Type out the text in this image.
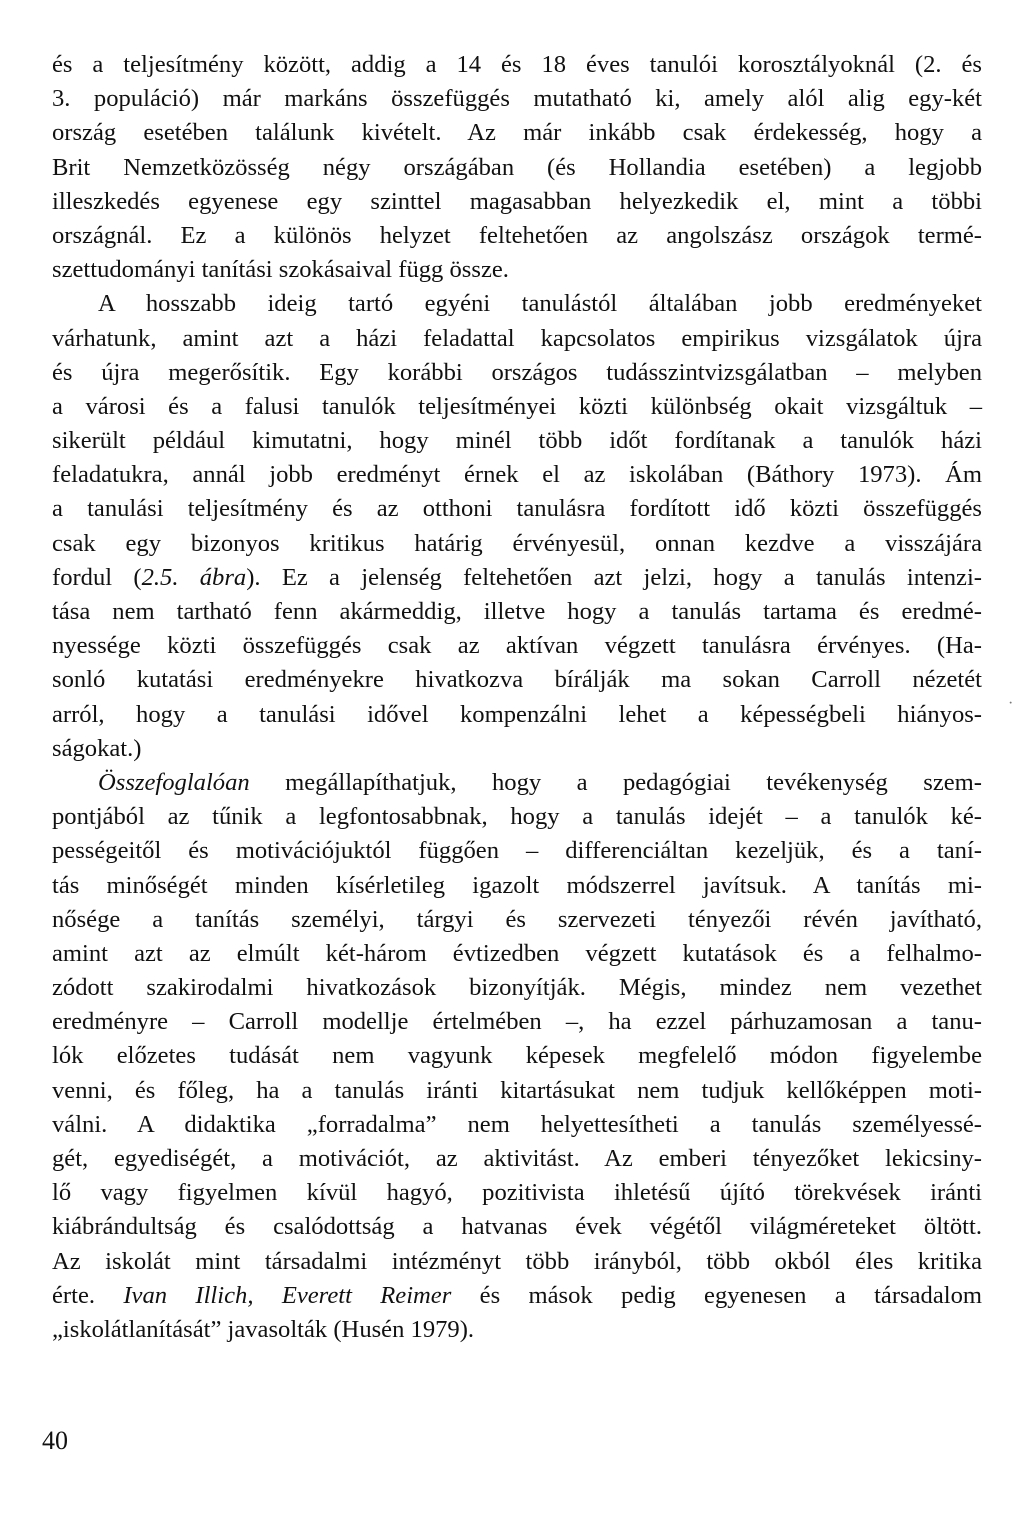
és a teljesítmény között, addig a 14 és 18 éves tanulói korosztályoknál (2. és
3. populáció) már markáns összefüggés mutatható ki, amely alól alig egy-két
ország esetében találunk kivételt. Az már inkább csak érdekesség, hogy a
Brit Nemzetközösség négy országában (és Hollandia esetében) a legjobb
illeszkedés egyenese egy szinttel magasabban helyezkedik el, mint a többi
országnál. Ez a különös helyzet feltehetően az angolszász országok termé-
szettudományi tanítási szokásaival függ össze.
A hosszabb ideig tartó egyéni tanulástól általában jobb eredményeket
várhatunk, amint azt a házi feladattal kapcsolatos empirikus vizsgálatok újra
és újra megerősítik. Egy korábbi országos tudásszintvizsgálatban – melyben
a városi és a falusi tanulók teljesítményei közti különbség okait vizsgáltuk –
sikerült például kimutatni, hogy minél több időt fordítanak a tanulók házi
feladatukra, annál jobb eredményt érnek el az iskolában (Báthory 1973). Ám
a tanulási teljesítmény és az otthoni tanulásra fordított idő közti összefüggés
csak egy bizonyos kritikus határig érvényesül, onnan kezdve a visszájára
fordul (2.5. ábra). Ez a jelenség feltehetően azt jelzi, hogy a tanulás intenzi-
tása nem tartható fenn akármeddig, illetve hogy a tanulás tartama és eredmé-
nyessége közti összefüggés csak az aktívan végzett tanulásra érvényes. (Ha-
sonló kutatási eredményekre hivatkozva bírálják ma sokan Carroll nézetét
arról, hogy a tanulási idővel kompenzálni lehet a képességbeli hiányos-
ságokat.)
Összefoglalóan megállapíthatjuk, hogy a pedagógiai tevékenység szem-
pontjából az tűnik a legfontosabbnak, hogy a tanulás idejét – a tanulók ké-
pességeitől és motivációjuktól függően – differenciáltan kezeljük, és a taní-
tás minőségét minden kísérletileg igazolt módszerrel javítsuk. A tanítás mi-
nősége a tanítás személyi, tárgyi és szervezeti tényezői révén javítható,
amint azt az elmúlt két-három évtizedben végzett kutatások és a felhalmo-
zódott szakirodalmi hivatkozások bizonyítják. Mégis, mindez nem vezethet
eredményre – Carroll modellje értelmében –, ha ezzel párhuzamosan a tanu-
lók előzetes tudását nem vagyunk képesek megfelelő módon figyelembe
venni, és főleg, ha a tanulás iránti kitartásukat nem tudjuk kellőképpen moti-
válni. A didaktika „forradalma” nem helyettesítheti a tanulás személyessé-
gét, egyediségét, a motivációt, az aktivitást. Az emberi tényezőket lekicsiny-
lő vagy figyelmen kívül hagyó, pozitivista ihletésű újító törekvések iránti
kiábrándultság és csalódottság a hatvanas évek végétől világméreteket öltött.
Az iskolát mint társadalmi intézményt több irányból, több okból éles kritika
érte. Ivan Illich, Everett Reimer és mások pedig egyenesen a társadalom
„iskolátlanítását” javasolták (Husén 1979).
40
·
